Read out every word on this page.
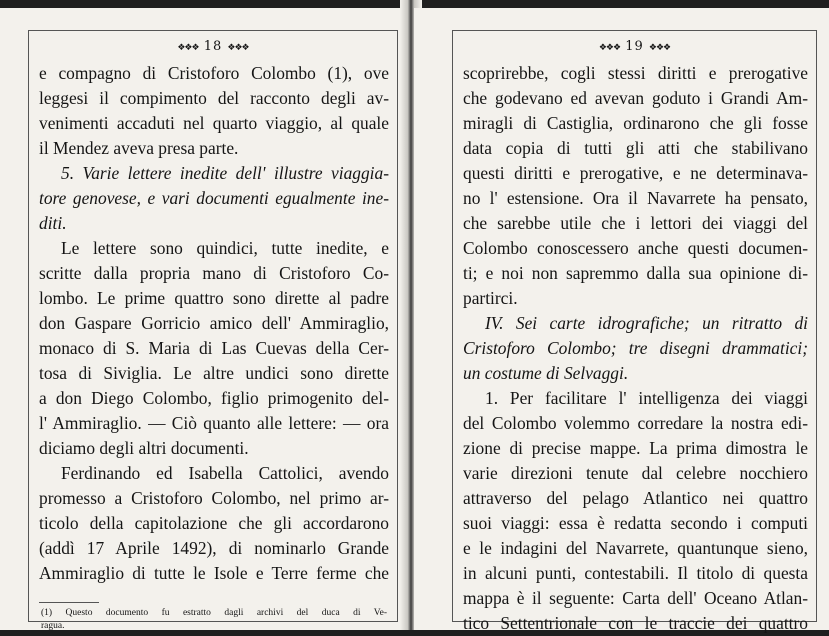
❖❖❖ 18 ❖❖❖
e compagno di Cristoforo Colombo (1), ove
leggesi il compimento del racconto degli av-
venimenti accaduti nel quarto viaggio, al quale
il Mendez aveva presa parte.
5. Varie lettere inedite dell' illustre viaggia-
tore genovese, e vari documenti egualmente ine-
diti.
Le lettere sono quindici, tutte inedite, e
scritte dalla propria mano di Cristoforo Co-
lombo. Le prime quattro sono dirette al padre
don Gaspare Gorricio amico dell' Ammiraglio,
monaco di S. Maria di Las Cuevas della Cer-
tosa di Siviglia. Le altre undici sono dirette
a don Diego Colombo, figlio primogenito del-
l' Ammiraglio. — Ciò quanto alle lettere: — ora
diciamo degli altri documenti.
Ferdinando ed Isabella Cattolici, avendo
promesso a Cristoforo Colombo, nel primo ar-
ticolo della capitolazione che gli accordarono
(addì 17 Aprile 1492), di nominarlo Grande
Ammiraglio di tutte le Isole e Terre ferme che
(1) Questo documento fu estratto dagli archivi del duca di Ve-
ragua.
❖❖❖ 19 ❖❖❖
scoprirebbe, cogli stessi diritti e prerogative
che godevano ed avevan goduto i Grandi Am-
miragli di Castiglia, ordinarono che gli fosse
data copia di tutti gli atti che stabilivano
questi diritti e prerogative, e ne determinava-
no l' estensione. Ora il Navarrete ha pensato,
che sarebbe utile che i lettori dei viaggi del
Colombo conoscessero anche questi documen-
ti; e noi non sapremmo dalla sua opinione di-
partirci.
IV. Sei carte idrografiche; un ritratto di
Cristoforo Colombo; tre disegni drammatici;
un costume di Selvaggi.
1. Per facilitare l' intelligenza dei viaggi
del Colombo volemmo corredare la nostra edi-
zione di precise mappe. La prima dimostra le
varie direzioni tenute dal celebre nocchiero
attraverso del pelago Atlantico nei quattro
suoi viaggi: essa è redatta secondo i computi
e le indagini del Navarrete, quantunque sieno,
in alcuni punti, contestabili. Il titolo di questa
mappa è il seguente: Carta dell' Oceano Atlan-
tico Settentrionale con le traccie dei quattro
